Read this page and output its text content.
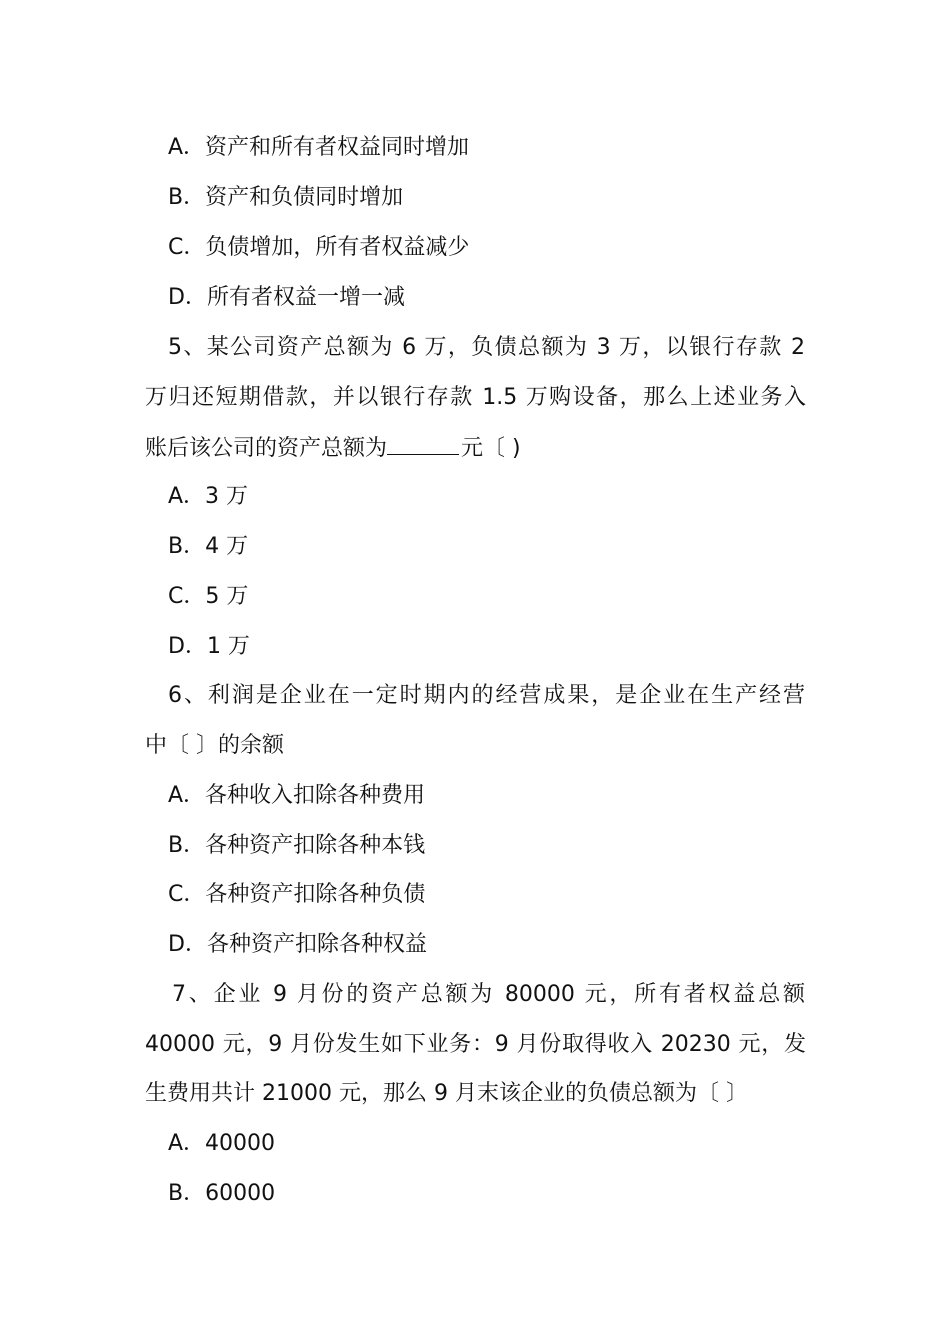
A．资产和所有者权益同时增加
B．资产和负债同时增加
C．负债增加，所有者权益减少
D．所有者权益一增一减
5、某公司资产总额为 6 万，负债总额为 3 万，以银行存款 2
万归还短期借款，并以银行存款 1.5 万购设备，那么上述业务入
账后该公司的资产总额为	元〔 )
A．3 万
B．4 万
C．5 万
D．1 万
6、利润是企业在一定时期内的经营成果，是企业在生产经营
中〔 〕的余额
A．各种收入扣除各种费用
B．各种资产扣除各种本钱
C．各种资产扣除各种负债
D．各种资产扣除各种权益
7、企业 9 月份的资产总额为 80000 元，所有者权益总额
40000 元，9 月份发生如下业务：9 月份取得收入 20230 元，发
生费用共计 21000 元，那么 9 月末该企业的负债总额为〔 〕
A．40000
B．60000
